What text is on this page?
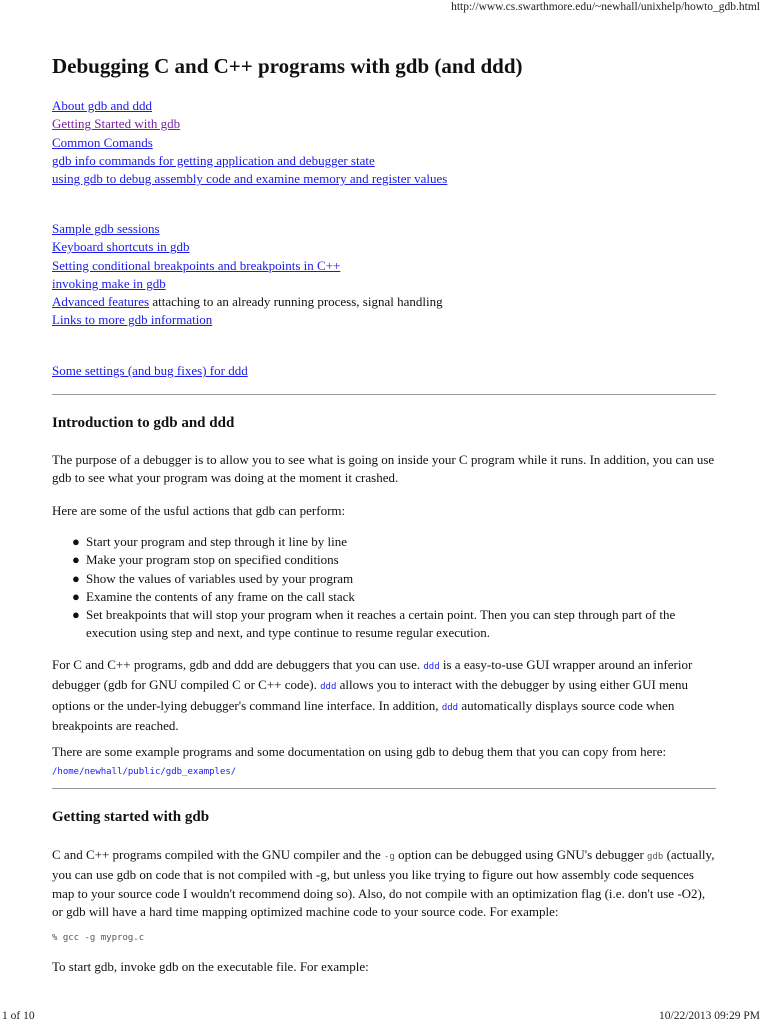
http://www.cs.swarthmore.edu/~newhall/unixhelp/howto_gdb.html
Debugging C and C++ programs with gdb (and ddd)
About gdb and ddd
Getting Started with gdb
Common Comands
gdb info commands for getting application and debugger state
using gdb to debug assembly code and examine memory and register values
Sample gdb sessions
Keyboard shortcuts in gdb
Setting conditional breakpoints and breakpoints in C++
invoking make in gdb
Advanced features attaching to an already running process, signal handling
Links to more gdb information
Some settings (and bug fixes) for ddd
Introduction to gdb and ddd

The purpose of a debugger is to allow you to see what is going on inside your C program while it runs. In addition, you can use gdb to see what your program was doing at the moment it crashed.

Here are some of the usful actions that gdb can perform:

● Start your program and step through it line by line
● Make your program stop on specified conditions
● Show the values of variables used by your program
● Examine the contents of any frame on the call stack
● Set breakpoints that will stop your program when it reaches a certain point. Then you can step through part of the execution using step and next, and type continue to resume regular execution.

For C and C++ programs, gdb and ddd are debuggers that you can use. ddd is a easy-to-use GUI wrapper around an inferior debugger (gdb for GNU compiled C or C++ code). ddd allows you to interact with the debugger by using either GUI menu options or the under-lying debugger's command line interface. In addition, ddd automatically displays source code when breakpoints are reached.

There are some example programs and some documentation on using gdb to debug them that you can copy from here:
/home/newhall/public/gdb_examples/

Getting started with gdb

C and C++ programs compiled with the GNU compiler and the -g option can be debugged using GNU's debugger gdb (actually, you can use gdb on code that is not compiled with -g, but unless you like trying to figure out how assembly code sequences map to your source code I wouldn't recommend doing so). Also, do not compile with an optimization flag (i.e. don't use -O2), or gdb will have a hard time mapping optimized machine code to your source code. For example:

% gcc -g myprog.c

To start gdb, invoke gdb on the executable file. For example:

1 of 10	10/22/2013 09:29 PM
